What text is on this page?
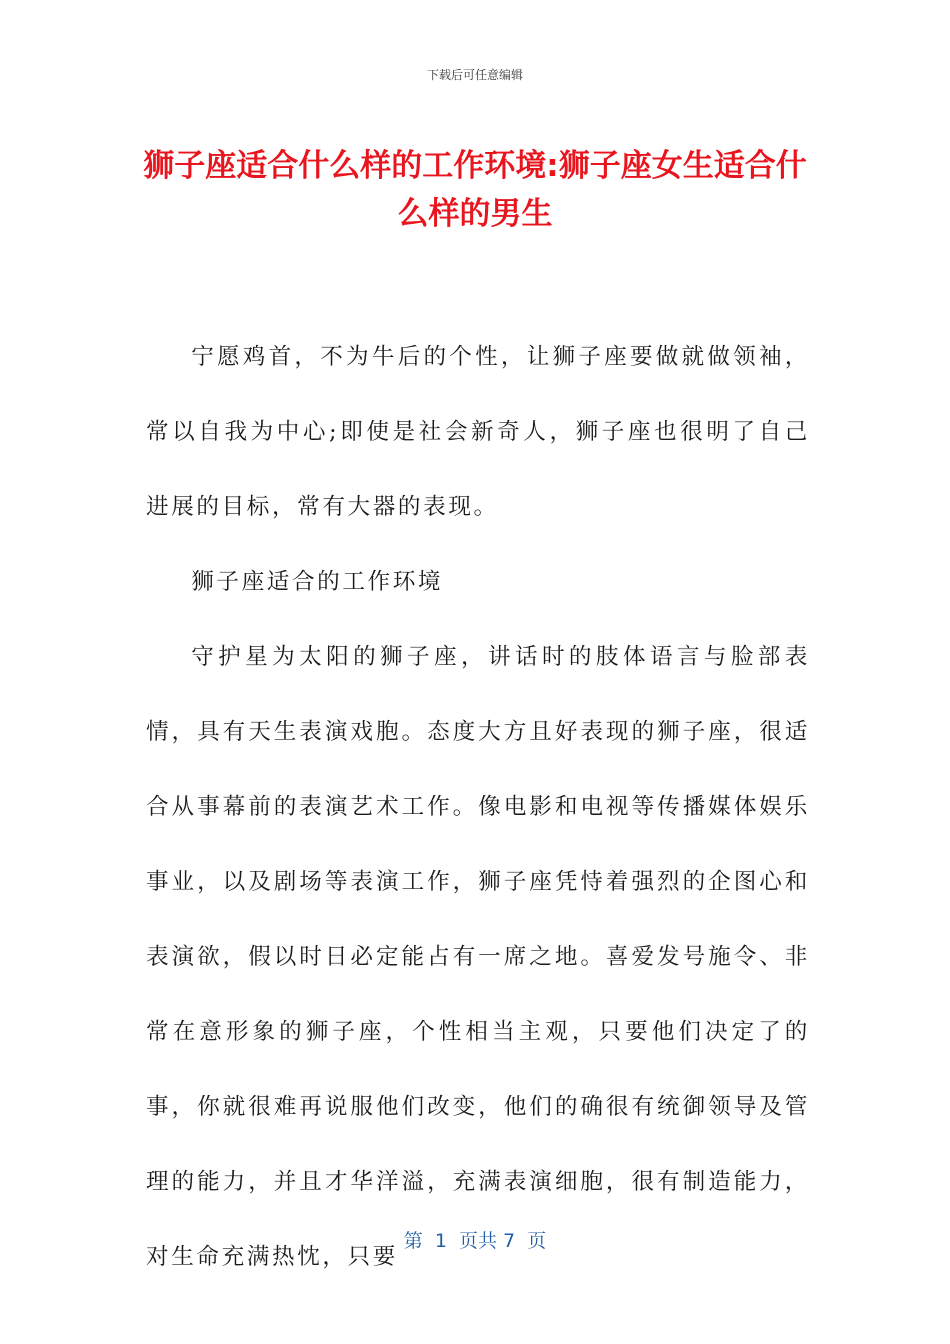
下载后可任意编辑
狮子座适合什么样的工作环境:狮子座女生适合什么样的男生

宁愿鸡首，不为牛后的个性，让狮子座要做就做领袖，常以自我为中心;即使是社会新奇人，狮子座也很明了自己进展的目标，常有大器的表现。

狮子座适合的工作环境

守护星为太阳的狮子座，讲话时的肢体语言与脸部表情，具有天生表演戏胞。态度大方且好表现的狮子座，很适合从事幕前的表演艺术工作。像电影和电视等传播媒体娱乐事业，以及剧场等表演工作，狮子座凭恃着强烈的企图心和表演欲，假以时日必定能占有一席之地。喜爱发号施令、非常在意形象的狮子座，个性相当主观，只要他们决定了的事，你就很难再说服他们改变，他们的确很有统御领导及管理的能力，并且才华洋溢，充满表演细胞，很有制造能力，对生命充满热忱，只要

第  1  页共 7  页
